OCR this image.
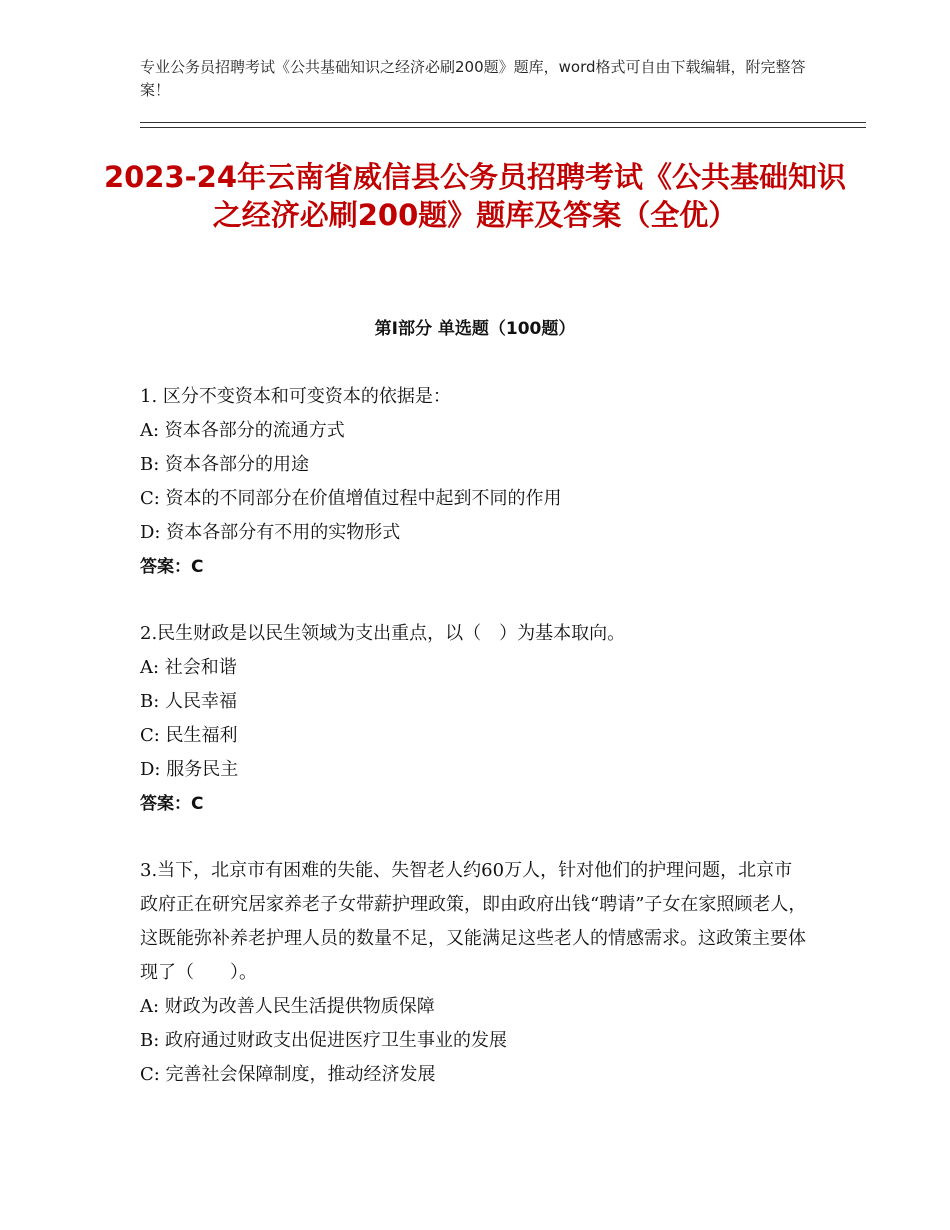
专业公务员招聘考试《公共基础知识之经济必刷200题》题库，word格式可自由下载编辑，附完整答案！
2023-24年云南省威信县公务员招聘考试《公共基础知识之经济必刷200题》题库及答案（全优）
第Ⅰ部分 单选题（100题）

1. 区分不变资本和可变资本的依据是：

A: 资本各部分的流通方式

B: 资本各部分的用途

C: 资本的不同部分在价值增值过程中起到不同的作用

D: 资本各部分有不用的实物形式

答案：C

2.民生财政是以民生领域为支出重点，以（　）为基本取向。

A: 社会和谐

B: 人民幸福

C: 民生福利

D: 服务民主

答案：C

3.当下，北京市有困难的失能、失智老人约60万人，针对他们的护理问题，北京市政府正在研究居家养老子女带薪护理政策，即由政府出钱“聘请”子女在家照顾老人，这既能弥补养老护理人员的数量不足，又能满足这些老人的情感需求。这政策主要体现了（　　）。

A: 财政为改善人民生活提供物质保障

B: 政府通过财政支出促进医疗卫生事业的发展

C: 完善社会保障制度，推动经济发展
